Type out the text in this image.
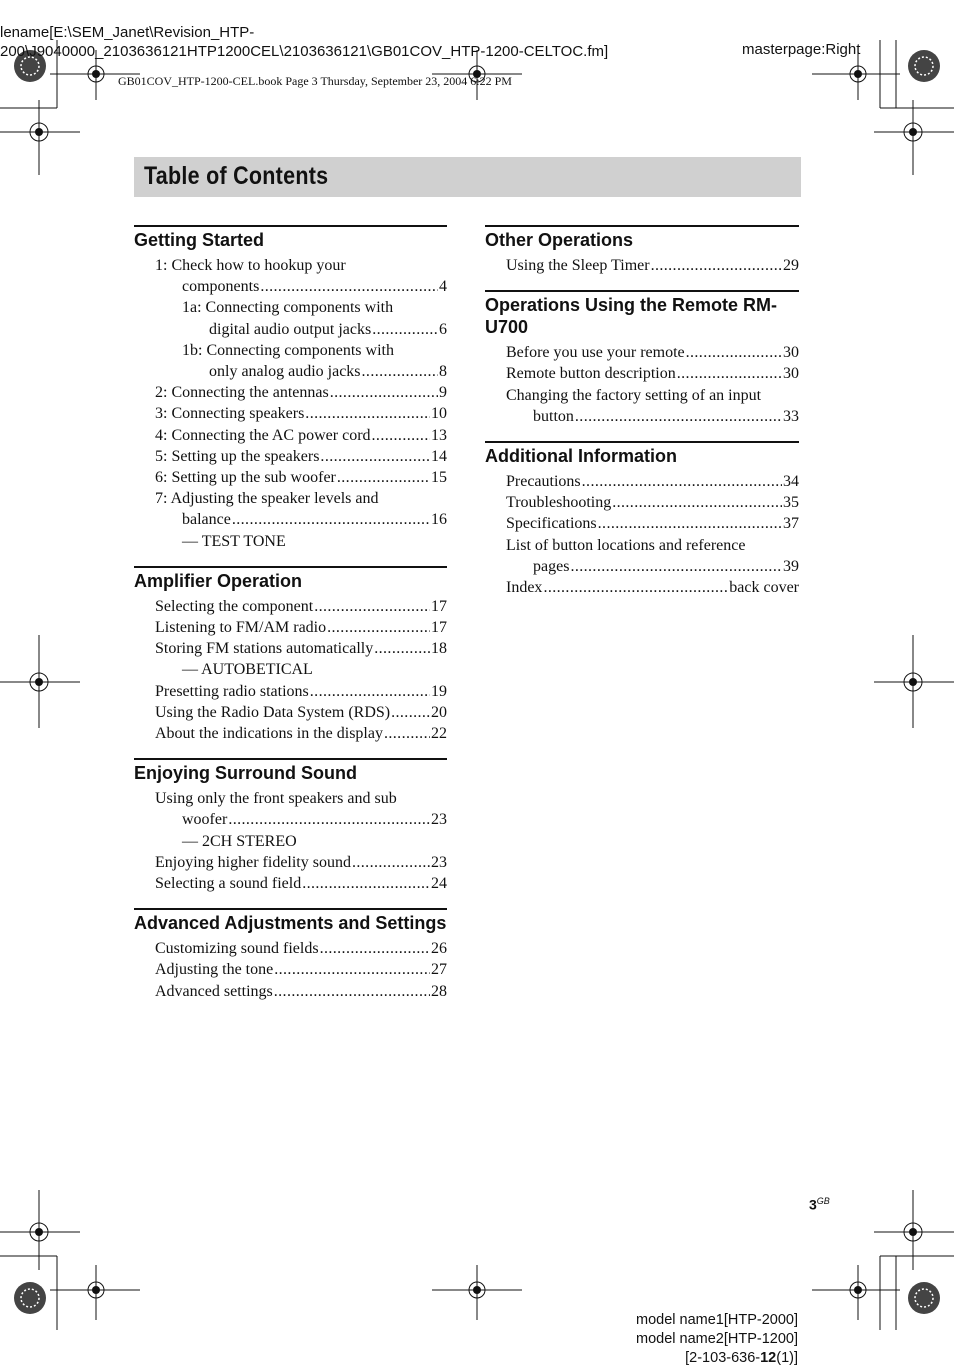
lename[E:\SEM_Janet\Revision_HTP-
200\J9040000_2103636121HTP1200CEL\2103636121\GB01COV_HTP-1200-CELTOC.fm]	masterpage:Right
GB01COV_HTP-1200-CEL.book Page 3 Thursday, September 23, 2004 6:22 PM
Table of Contents
Getting Started
1: Check how to hookup your
components .....	4
1a: Connecting components with
digital audio output jacks .....	6
1b: Connecting components with
only analog audio jacks .....	8
2: Connecting the antennas .....	9
3: Connecting speakers .....	10
4: Connecting the AC power cord .....	13
5: Setting up the speakers .....	14
6: Setting up the sub woofer .....	15
7: Adjusting the speaker levels and
balance .....	16
— TEST TONE
Amplifier Operation
Selecting the component .....	17
Listening to FM/AM radio .....	17
Storing FM stations automatically .....	18
— AUTOBETICAL
Presetting radio stations .....	19
Using the Radio Data System (RDS) .....	20
About the indications in the display .....	22
Enjoying Surround Sound
Using only the front speakers and sub
woofer .....	23
— 2CH STEREO
Enjoying higher fidelity sound .....	23
Selecting a sound field .....	24
Advanced Adjustments and Settings
Customizing sound fields .....	26
Adjusting the tone .....	27
Advanced settings .....	28
Other Operations
Using the Sleep Timer .....	29
Operations Using the Remote RM-U700
Before you use your remote .....	30
Remote button description .....	30
Changing the factory setting of an input
button .....	33
Additional Information
Precautions .....	34
Troubleshooting .....	35
Specifications .....	37
List of button locations and reference
pages .....	39
Index .....	back cover
$3^{GB}$
model name1[HTP-2000]
model name2[HTP-1200]
[2-103-636-12(1)]
